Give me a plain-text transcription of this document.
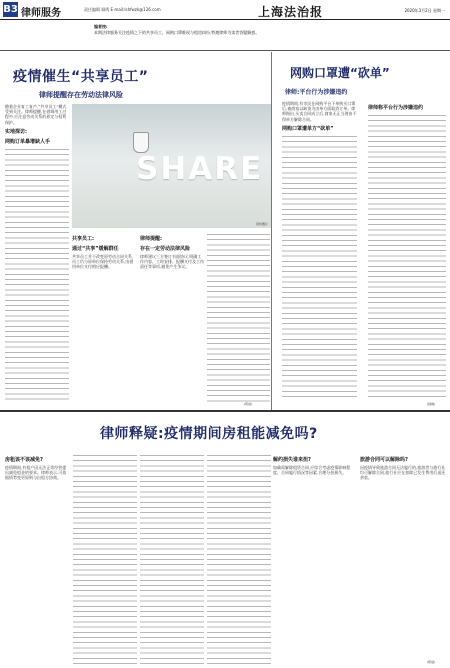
B3 律师服务	责任编辑 顾鸣 E-mail:lshfwzk@126.com	上海法治报	2020年3月2日 星期一
编者按:
本期法律服务关注疫情之下的共享员工、网购口罩维权与租房纠纷,特邀律师为读者答疑解惑。
疫情催生“共享员工”
律师提醒存在劳动法律风险
随着企业复工复产,“共享员工”模式受到关注。律师提醒,在借调用工过程中,应注意劳动关系的界定与权利保护。
实地探访:
网购订单暴增缺人手
SHARE
资料图片
共享员工:
通过“共享”缓解群任
共享员工并不改变原劳动合同关系,员工仍与原单位保持劳动关系,由借用单位支付相应报酬。
律师提醒:
存在一定劳动法律风险
律师建议三方签订书面协议,明确工作内容、工时安排、报酬支付及工伤责任等事项,避免产生争议。
(陈斌)
网购口罩遭“砍单”
律师:平台行为涉嫌违约
疫情期间,有市民在网购平台下单购买口罩后,被商家以缺货为由单方面取消订单。律师指出,买卖合同成立后,商家无正当理由不得单方解除合同。
网购口罩遭单方“砍单”
律师称平台行为涉嫌违约
(陆晓)
律师释疑:疫情期间房租能减免吗?
房租该不该减免?
疫情期间,有租户因无法正常经营提出减免租金的要求。律师表示,可依据情势变更原则与出租方协商。
解约损失谁来担?
如确需解除租赁合同,应综合考虑疫情影响程度、合同履行情况等因素,合理分担损失。
旅游合同可以解除吗?
因疫情导致旅游合同无法履行的,旅游者与旅行社均可解除合同,旅行社应在扣除已发生费用后退还余款。
(陈斌)
